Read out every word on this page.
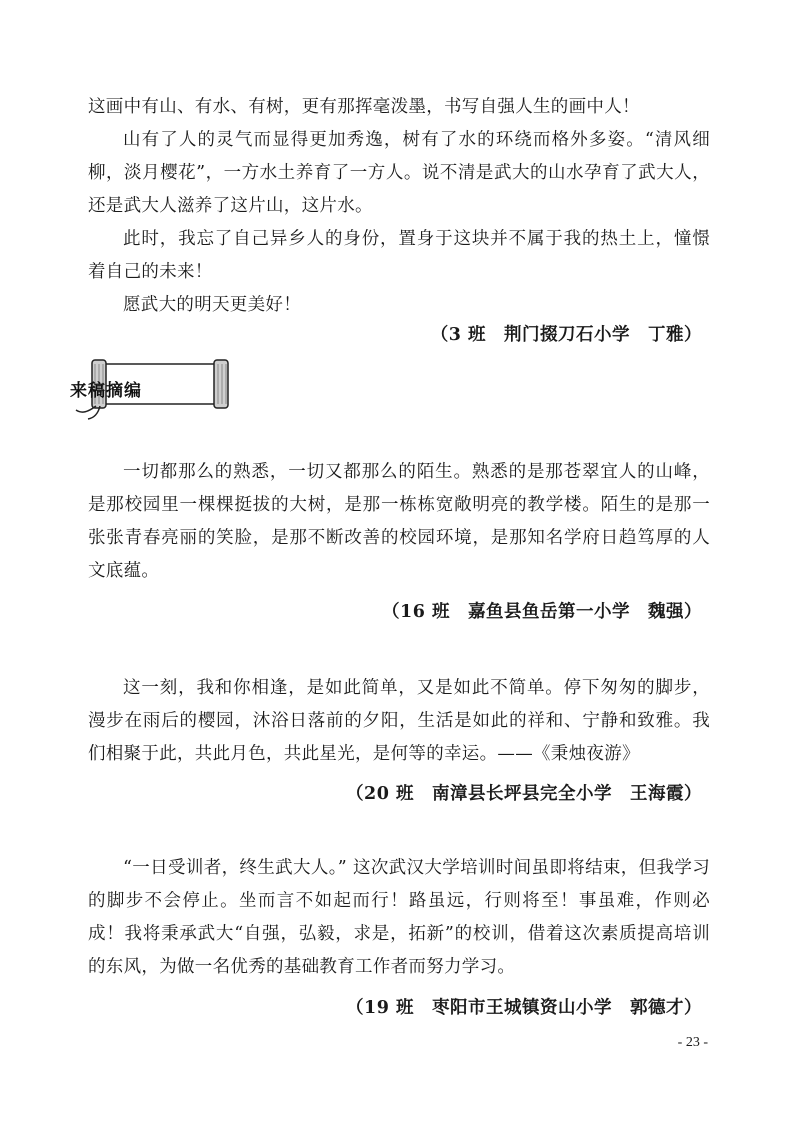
这画中有山、有水、有树，更有那挥毫泼墨，书写自强人生的画中人！

山有了人的灵气而显得更加秀逸，树有了水的环绕而格外多姿。“清风细柳，淡月樱花”，一方水土养育了一方人。说不清是武大的山水孕育了武大人，还是武大人滋养了这片山，这片水。

此时，我忘了自己异乡人的身份，置身于这块并不属于我的热土上，憧憬着自己的未来！

愿武大的明天更美好！

（3 班 荆门掇刀石小学 丁雅）

来稿摘编

一切都那么的熟悉，一切又都那么的陌生。熟悉的是那苍翠宜人的山峰，是那校园里一棵棵挺拔的大树，是那一栋栋宽敞明亮的教学楼。陌生的是那一张张青春亮丽的笑脸，是那不断改善的校园环境，是那知名学府日趋笃厚的人文底蕴。

（16 班 嘉鱼县鱼岳第一小学 魏强）

这一刻，我和你相逢，是如此简单，又是如此不简单。停下匆匆的脚步，漫步在雨后的樱园，沐浴日落前的夕阳，生活是如此的祥和、宁静和致雅。我们相聚于此，共此月色，共此星光，是何等的幸运。——《秉烛夜游》

（20 班 南漳县长坪县完全小学 王海霞）

“一日受训者，终生武大人。” 这次武汉大学培训时间虽即将结束，但我学习的脚步不会停止。坐而言不如起而行！路虽远，行则将至！事虽难，作则必成！我将秉承武大“自强，弘毅，求是，拓新”的校训，借着这次素质提高培训的东风，为做一名优秀的基础教育工作者而努力学习。

（19 班 枣阳市王城镇资山小学 郭德才）

- 23 -
